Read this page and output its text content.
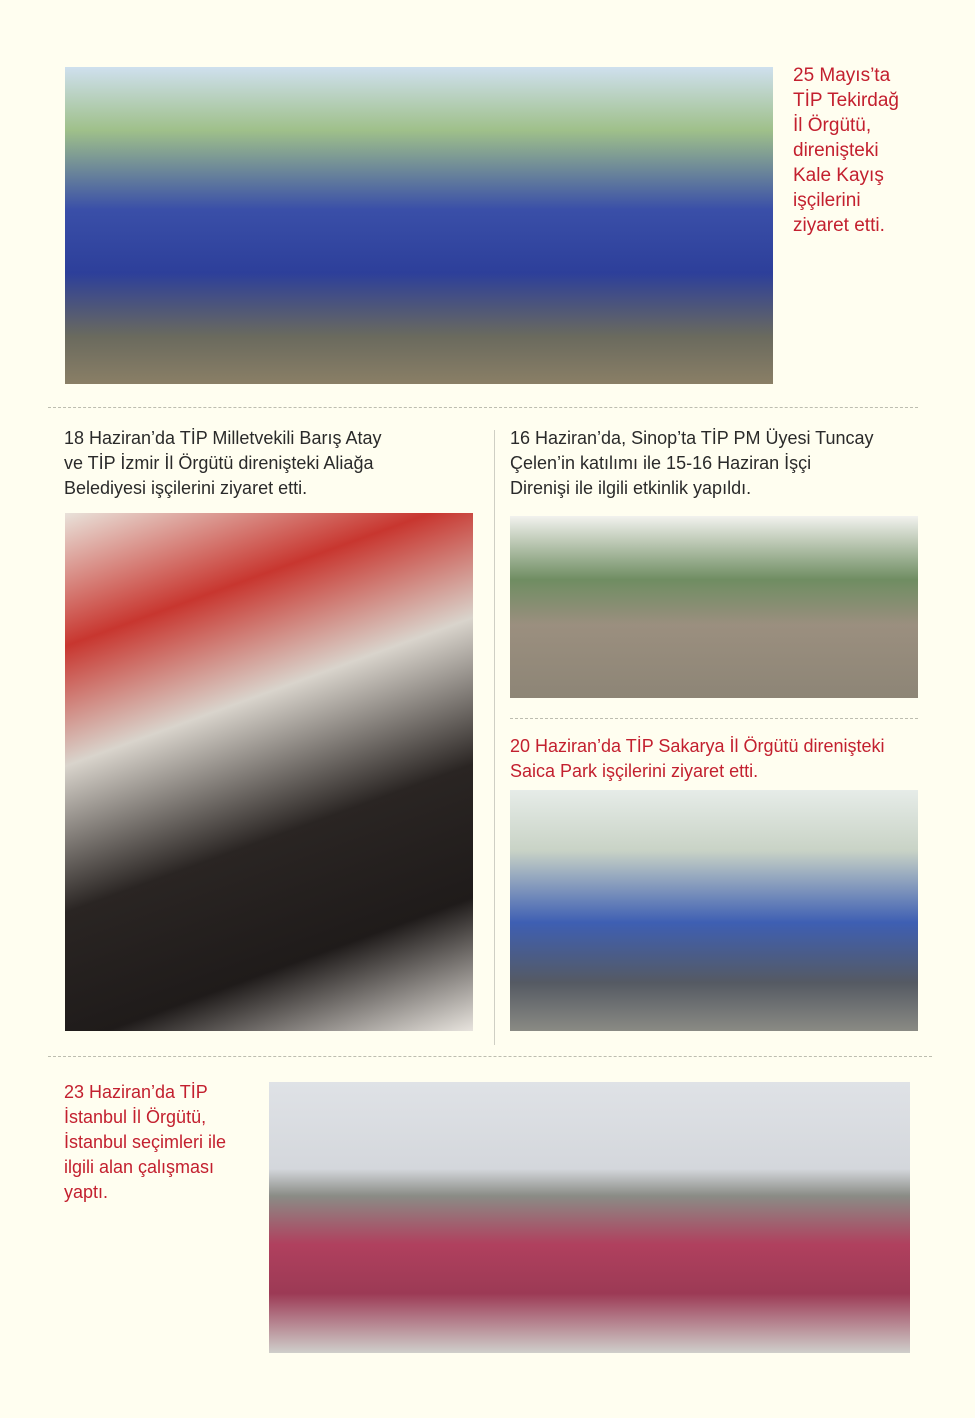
25 Mayıs’ta
TİP Tekirdağ
İl Örgütü,
direnişteki
Kale Kayış
işçilerini
ziyaret etti.
18 Haziran’da TİP Milletvekili Barış Atay
ve TİP İzmir İl Örgütü direnişteki Aliağa
Belediyesi işçilerini ziyaret etti.
16 Haziran’da, Sinop’ta TİP PM Üyesi Tuncay
Çelen’in katılımı ile 15-16 Haziran İşçi
Direnişi ile ilgili etkinlik yapıldı.
20 Haziran’da TİP Sakarya İl Örgütü direnişteki
Saica Park işçilerini ziyaret etti.
23 Haziran’da TİP
İstanbul İl Örgütü,
İstanbul seçimleri ile
ilgili alan çalışması
yaptı.
